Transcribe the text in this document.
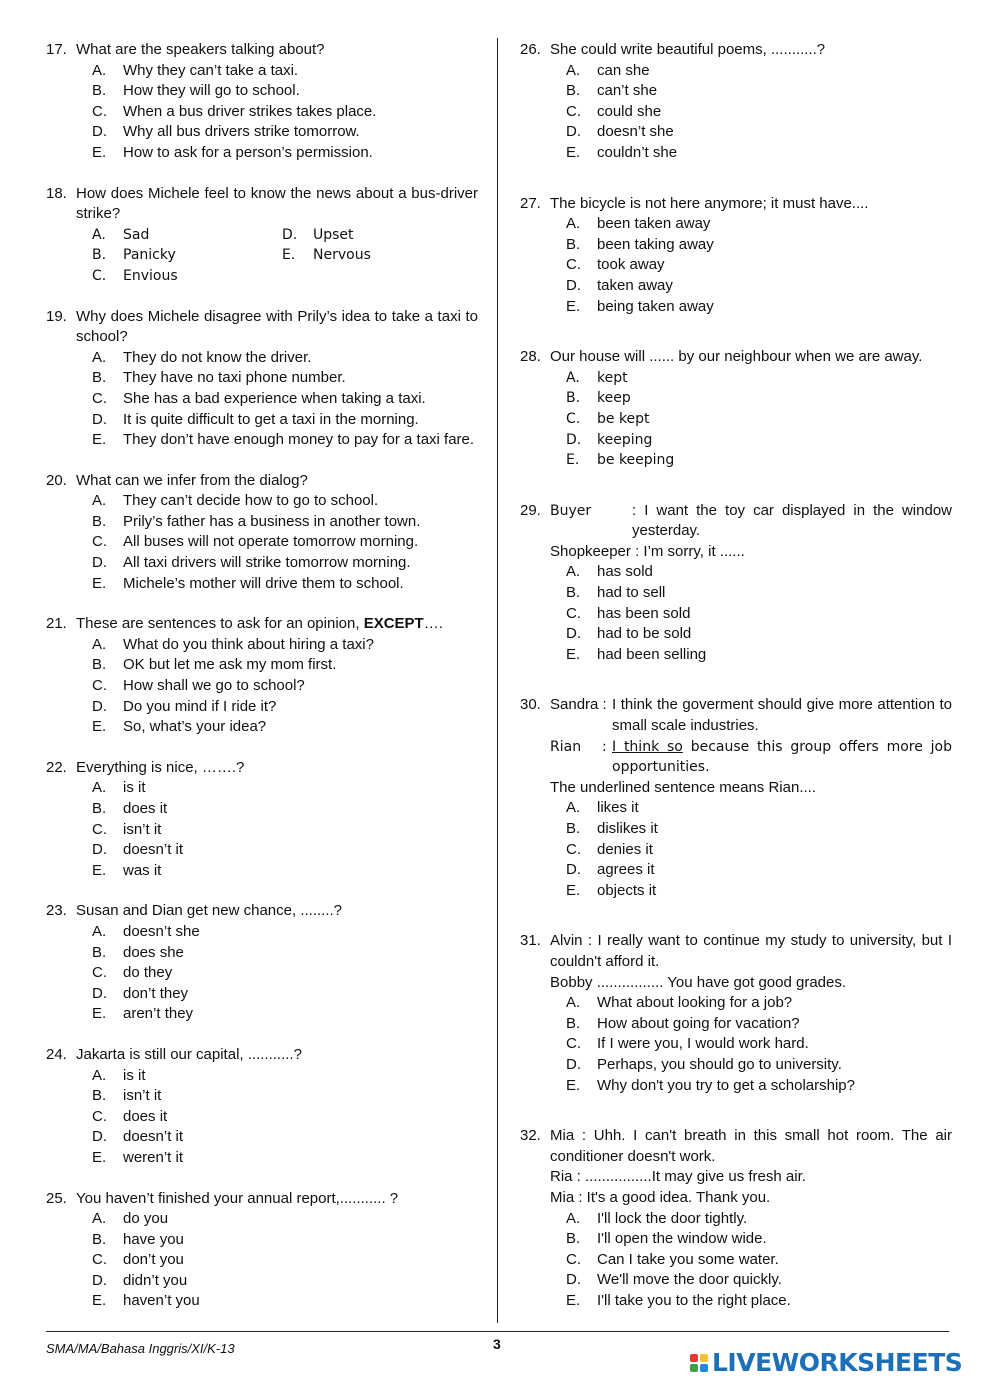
17. What are the speakers talking about?
A.	Why they can’t take a taxi.
B.	How they will go to school.
C.	When a bus driver strikes takes place.
D.	Why all bus drivers strike tomorrow.
E.	How to ask for a person’s permission.
18. How does Michele feel to know the news about a bus-driver strike?
A.	Sad	D.	Upset
B.	Panicky	E.	Nervous
C.	Envious
19. Why does Michele disagree with Prily’s idea to take a taxi to school?
A.	They do not know the driver.
B.	They have no taxi phone number.
C.	She has a bad experience when taking a taxi.
D.	It is quite difficult to get a taxi in the morning.
E.	They don’t have enough money to pay for a taxi fare.
20. What can we infer from the dialog?
A.	They can’t decide how to go to school.
B.	Prily’s father has a business in another town.
C.	All buses will not operate tomorrow morning.
D.	All taxi drivers will strike tomorrow morning.
E.	Michele’s mother will drive them to school.
21. These are sentences to ask for an opinion, EXCEPT….
A.	What do you think about hiring a taxi?
B.	OK but let me ask my mom first.
C.	How shall we go to school?
D.	Do you mind if I ride it?
E.	So, what’s your idea?
22. Everything is nice, …….?
A.	is it
B.	does it
C.	isn’t it
D.	doesn’t it
E.	was it
23. Susan and Dian get new chance, ........?
A.	doesn’t she
B.	does she
C.	do they
D.	don’t they
E.	aren’t they
24. Jakarta is still our capital, ...........?
A.	is it
B.	isn’t it
C.	does it
D.	doesn’t it
E.	weren’t it
25. You haven’t finished your annual report,........... ?
A.	do you
B.	have you
C.	don’t you
D.	didn’t you
E.	haven’t you
26. She could write beautiful poems, ...........?
A.	can she
B.	can’t she
C.	could she
D.	doesn’t she
E.	couldn’t she
27. The bicycle is not here anymore; it must have....
A.	been taken away
B.	been taking away
C.	took away
D.	taken away
E.	being taken away
28. Our house will ...... by our neighbour when we are away.
A.	kept
B.	keep
C.	be kept
D.	keeping
E.	be keeping
29. Buyer	: I want the toy car displayed in the window yesterday.
Shopkeeper : I’m sorry, it ......
A.	has sold
B.	had to sell
C.	has been sold
D.	had to be sold
E.	had been selling
30. Sandra : I think the goverment should give more attention to small scale industries.
Rian	: I think so because this group offers more job opportunities.
The underlined sentence means Rian....
A.	likes it
B.	dislikes it
C.	denies it
D.	agrees it
E.	objects it
31. Alvin : I really want to continue my study to university, but I couldn't afford it.
Bobby ................ You have got good grades.
A.	What about looking for a job?
B.	How about going for vacation?
C.	If I were you, I would work hard.
D.	Perhaps, you should go to university.
E.	Why don't you try to get a scholarship?
32. Mia : Uhh. I can't breath in this small hot room. The air conditioner doesn't work.
Ria : ................It may give us fresh air.
Mia : It's a good idea. Thank you.
A.	I'll lock the door tightly.
B.	I'll open the window wide.
C.	Can I take you some water.
D.	We'll move the door quickly.
E.	I'll take you to the right place.
SMA/MA/Bahasa Inggris/XI/K-13	3
LIVEWORKSHEETS
